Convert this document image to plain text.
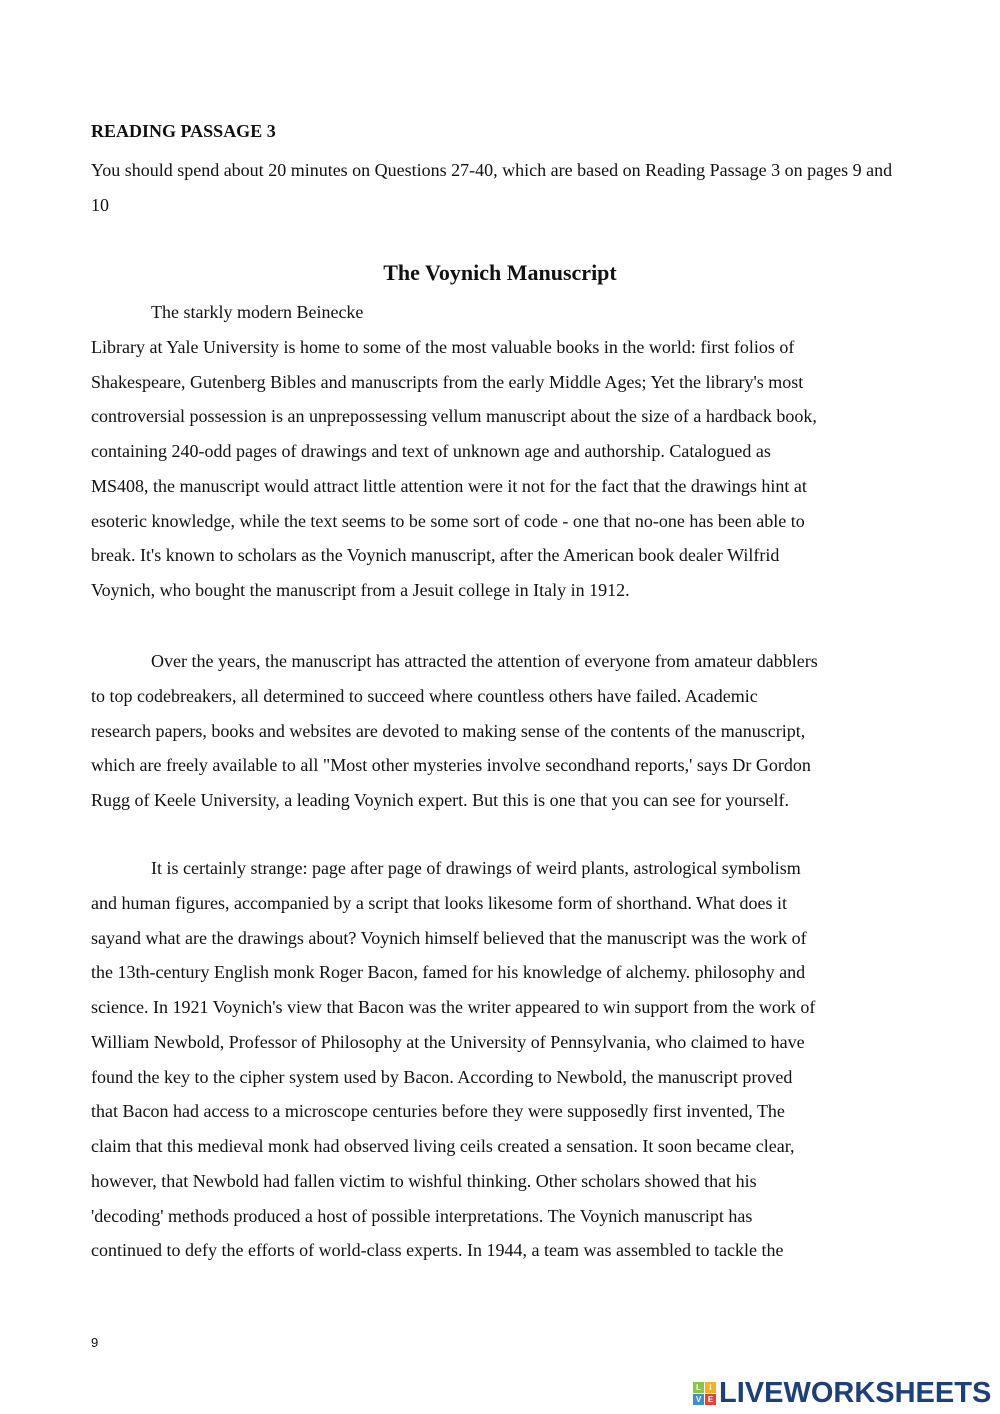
READING PASSAGE 3
You should spend about 20 minutes on Questions 27-40, which are based on Reading Passage 3 on pages 9 and 10
The Voynich Manuscript
The starkly modern Beinecke
Library at Yale University is home to some of the most valuable books in the world: first folios of
Shakespeare, Gutenberg Bibles and manuscripts from the early Middle Ages; Yet the library's most
controversial possession is an unprepossessing vellum manuscript about the size of a hardback book,
containing 240-odd pages of drawings and text of unknown age and authorship. Catalogued as
MS408, the manuscript would attract little attention were it not for the fact that the drawings hint at
esoteric knowledge, while the text seems to be some sort of code - one that no-one has been able to
break. It's known to scholars as the Voynich manuscript, after the American book dealer Wilfrid
Voynich, who bought the manuscript from a Jesuit college in Italy in 1912.
Over the years, the manuscript has attracted the attention of everyone from amateur dabblers
to top codebreakers, all determined to succeed where countless others have failed. Academic
research papers, books and websites are devoted to making sense of the contents of the manuscript,
which are freely available to all "Most other mysteries involve secondhand reports,' says Dr Gordon
Rugg of Keele University, a leading Voynich expert. But this is one that you can see for yourself.
It is certainly strange: page after page of drawings of weird plants, astrological symbolism
and human figures, accompanied by a script that looks likesome form of shorthand. What does it
sayand what are the drawings about? Voynich himself believed that the manuscript was the work of
the 13th-century English monk Roger Bacon, famed for his knowledge of alchemy. philosophy and
science. In 1921 Voynich's view that Bacon was the writer appeared to win support from the work of
William Newbold, Professor of Philosophy at the University of Pennsylvania, who claimed to have
found the key to the cipher system used by Bacon. According to Newbold, the manuscript proved
that Bacon had access to a microscope centuries before they were supposedly first invented, The
claim that this medieval monk had observed living ceils created a sensation. It soon became clear,
however, that Newbold had fallen victim to wishful thinking. Other scholars showed that his
'decoding' methods produced a host of possible interpretations. The Voynich manuscript has
continued to defy the efforts of world-class experts. In 1944, a team was assembled to tackle the
9
L	I
V E LIVEWORKSHEETS
